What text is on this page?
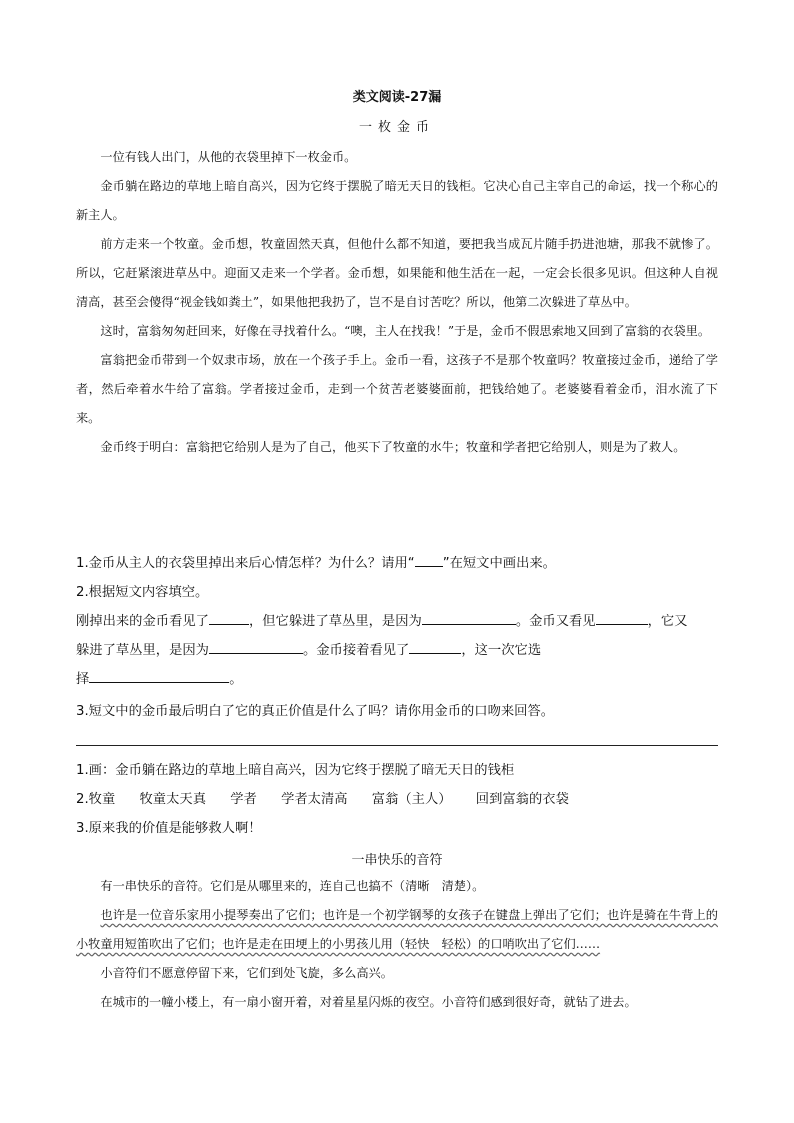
类文阅读-27漏
一枚金币

一位有钱人出门，从他的衣袋里掉下一枚金币。

金币躺在路边的草地上暗自高兴，因为它终于摆脱了暗无天日的钱柜。它决心自己主宰自己的命运，找一个称心的新主人。

前方走来一个牧童。金币想，牧童固然天真，但他什么都不知道，要把我当成瓦片随手扔进池塘，那我不就惨了。所以，它赶紧滚进草丛中。迎面又走来一个学者。金币想，如果能和他生活在一起，一定会长很多见识。但这种人自视清高，甚至会傻得“视金钱如粪土”，如果他把我扔了，岂不是自讨苦吃？所以，他第二次躲进了草丛中。

这时，富翁匆匆赶回来，好像在寻找着什么。“噢，主人在找我！”于是，金币不假思索地又回到了富翁的衣袋里。

富翁把金币带到一个奴隶市场，放在一个孩子手上。金币一看，这孩子不是那个牧童吗？牧童接过金币，递给了学者，然后牵着水牛给了富翁。学者接过金币，走到一个贫苦老婆婆面前，把钱给她了。老婆婆看着金币，泪水流了下来。

金币终于明白：富翁把它给别人是为了自己，他买下了牧童的水牛；牧童和学者把它给别人，则是为了救人。

1.金币从主人的衣袋里掉出来后心情怎样？为什么？请用“ ”在短文中画出来。

2.根据短文内容填空。

刚掉出来的金币看见了	，但它躲进了草丛里，是因为	。金币又看见	，它又

躲进了草丛里，是因为	。金币接着看见了	，这一次它选

择	。

3.短文中的金币最后明白了它的真正价值是什么了吗？请你用金币的口吻来回答。

1.画：金币躺在路边的草地上暗自高兴，因为它终于摆脱了暗无天日的钱柜

2.牧童 牧童太天真 学者 学者太清高 富翁（主人） 回到富翁的衣袋

3.原来我的价值是能够救人啊！

一串快乐的音符

有一串快乐的音符。它们是从哪里来的，连自己也搞不（清晰　清楚）。

也许是一位音乐家用小提琴奏出了它们；也许是一个初学钢琴的女孩子在键盘上弹出了它们；也许是骑在牛背上的小牧童用短笛吹出了它们；也许是走在田埂上的小男孩儿用（轻快　轻松）的口哨吹出了它们……

小音符们不愿意停留下来，它们到处飞旋，多么高兴。

在城市的一幢小楼上，有一扇小窗开着，对着星星闪烁的夜空。小音符们感到很好奇，就钻了进去。
